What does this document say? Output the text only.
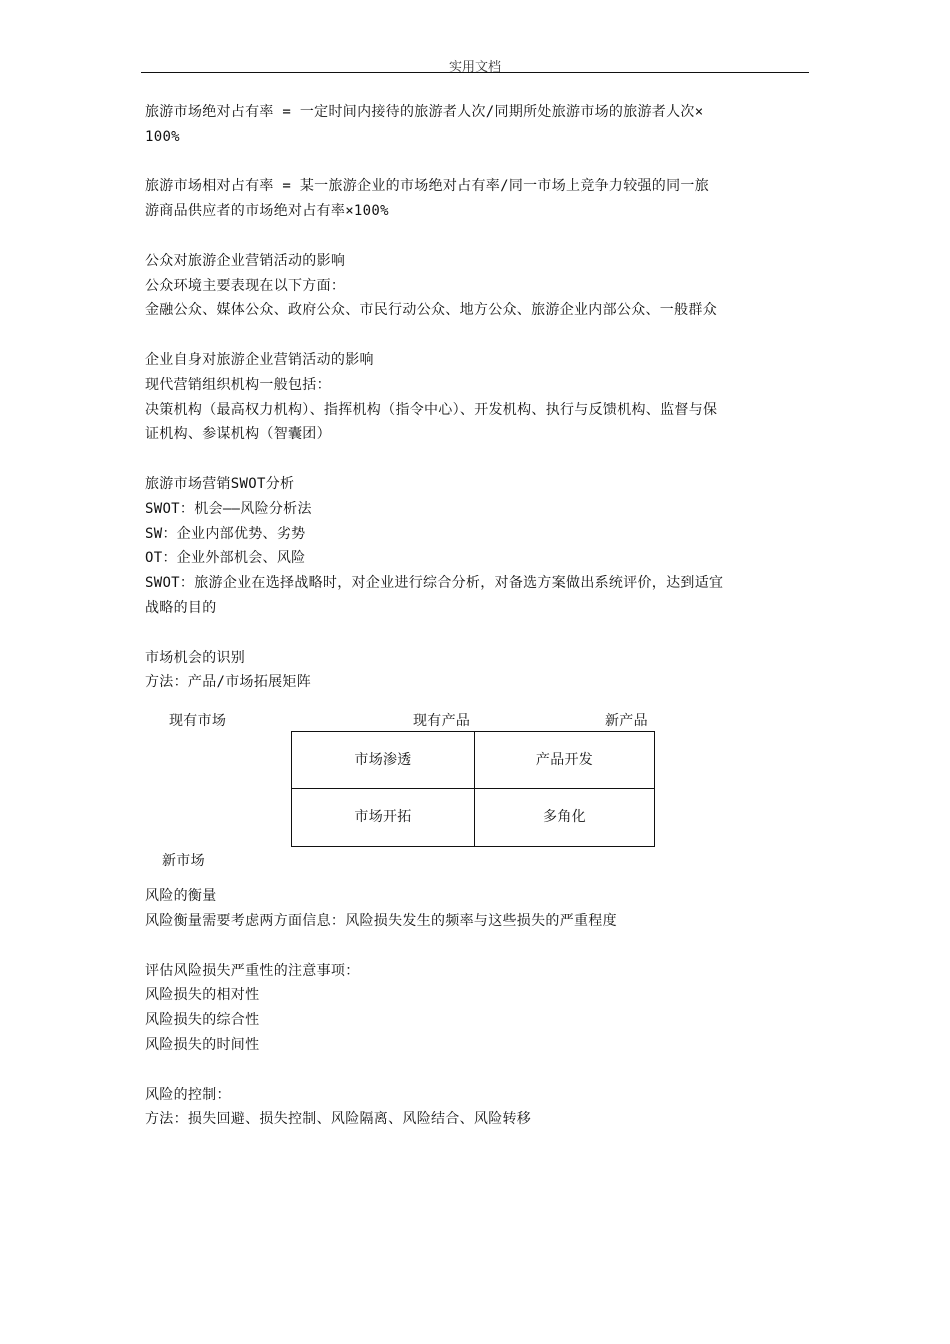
实用文档

旅游市场绝对占有率 = 一定时间内接待的旅游者人次/同期所处旅游市场的旅游者人次×

100%

旅游市场相对占有率 = 某一旅游企业的市场绝对占有率/同一市场上竞争力较强的同一旅

游商品供应者的市场绝对占有率×100%

公众对旅游企业营销活动的影响

公众环境主要表现在以下方面：

金融公众、媒体公众、政府公众、市民行动公众、地方公众、旅游企业内部公众、一般群众

企业自身对旅游企业营销活动的影响

现代营销组织机构一般包括：

决策机构（最高权力机构）、指挥机构（指令中心）、开发机构、执行与反馈机构、监督与保

证机构、参谋机构（智囊团）

旅游市场营销SWOT分析

SWOT：机会——风险分析法

SW：企业内部优势、劣势

OT：企业外部机会、风险

SWOT：旅游企业在选择战略时，对企业进行综合分析，对备选方案做出系统评价，达到适宜

战略的目的

市场机会的识别

方法：产品/市场拓展矩阵

现有市场	现有产品	新产品
市场渗透	产品开发
市场开拓	多角化
新市场

风险的衡量

风险衡量需要考虑两方面信息：风险损失发生的频率与这些损失的严重程度

评估风险损失严重性的注意事项：

风险损失的相对性

风险损失的综合性

风险损失的时间性

风险的控制：

方法：损失回避、损失控制、风险隔离、风险结合、风险转移
